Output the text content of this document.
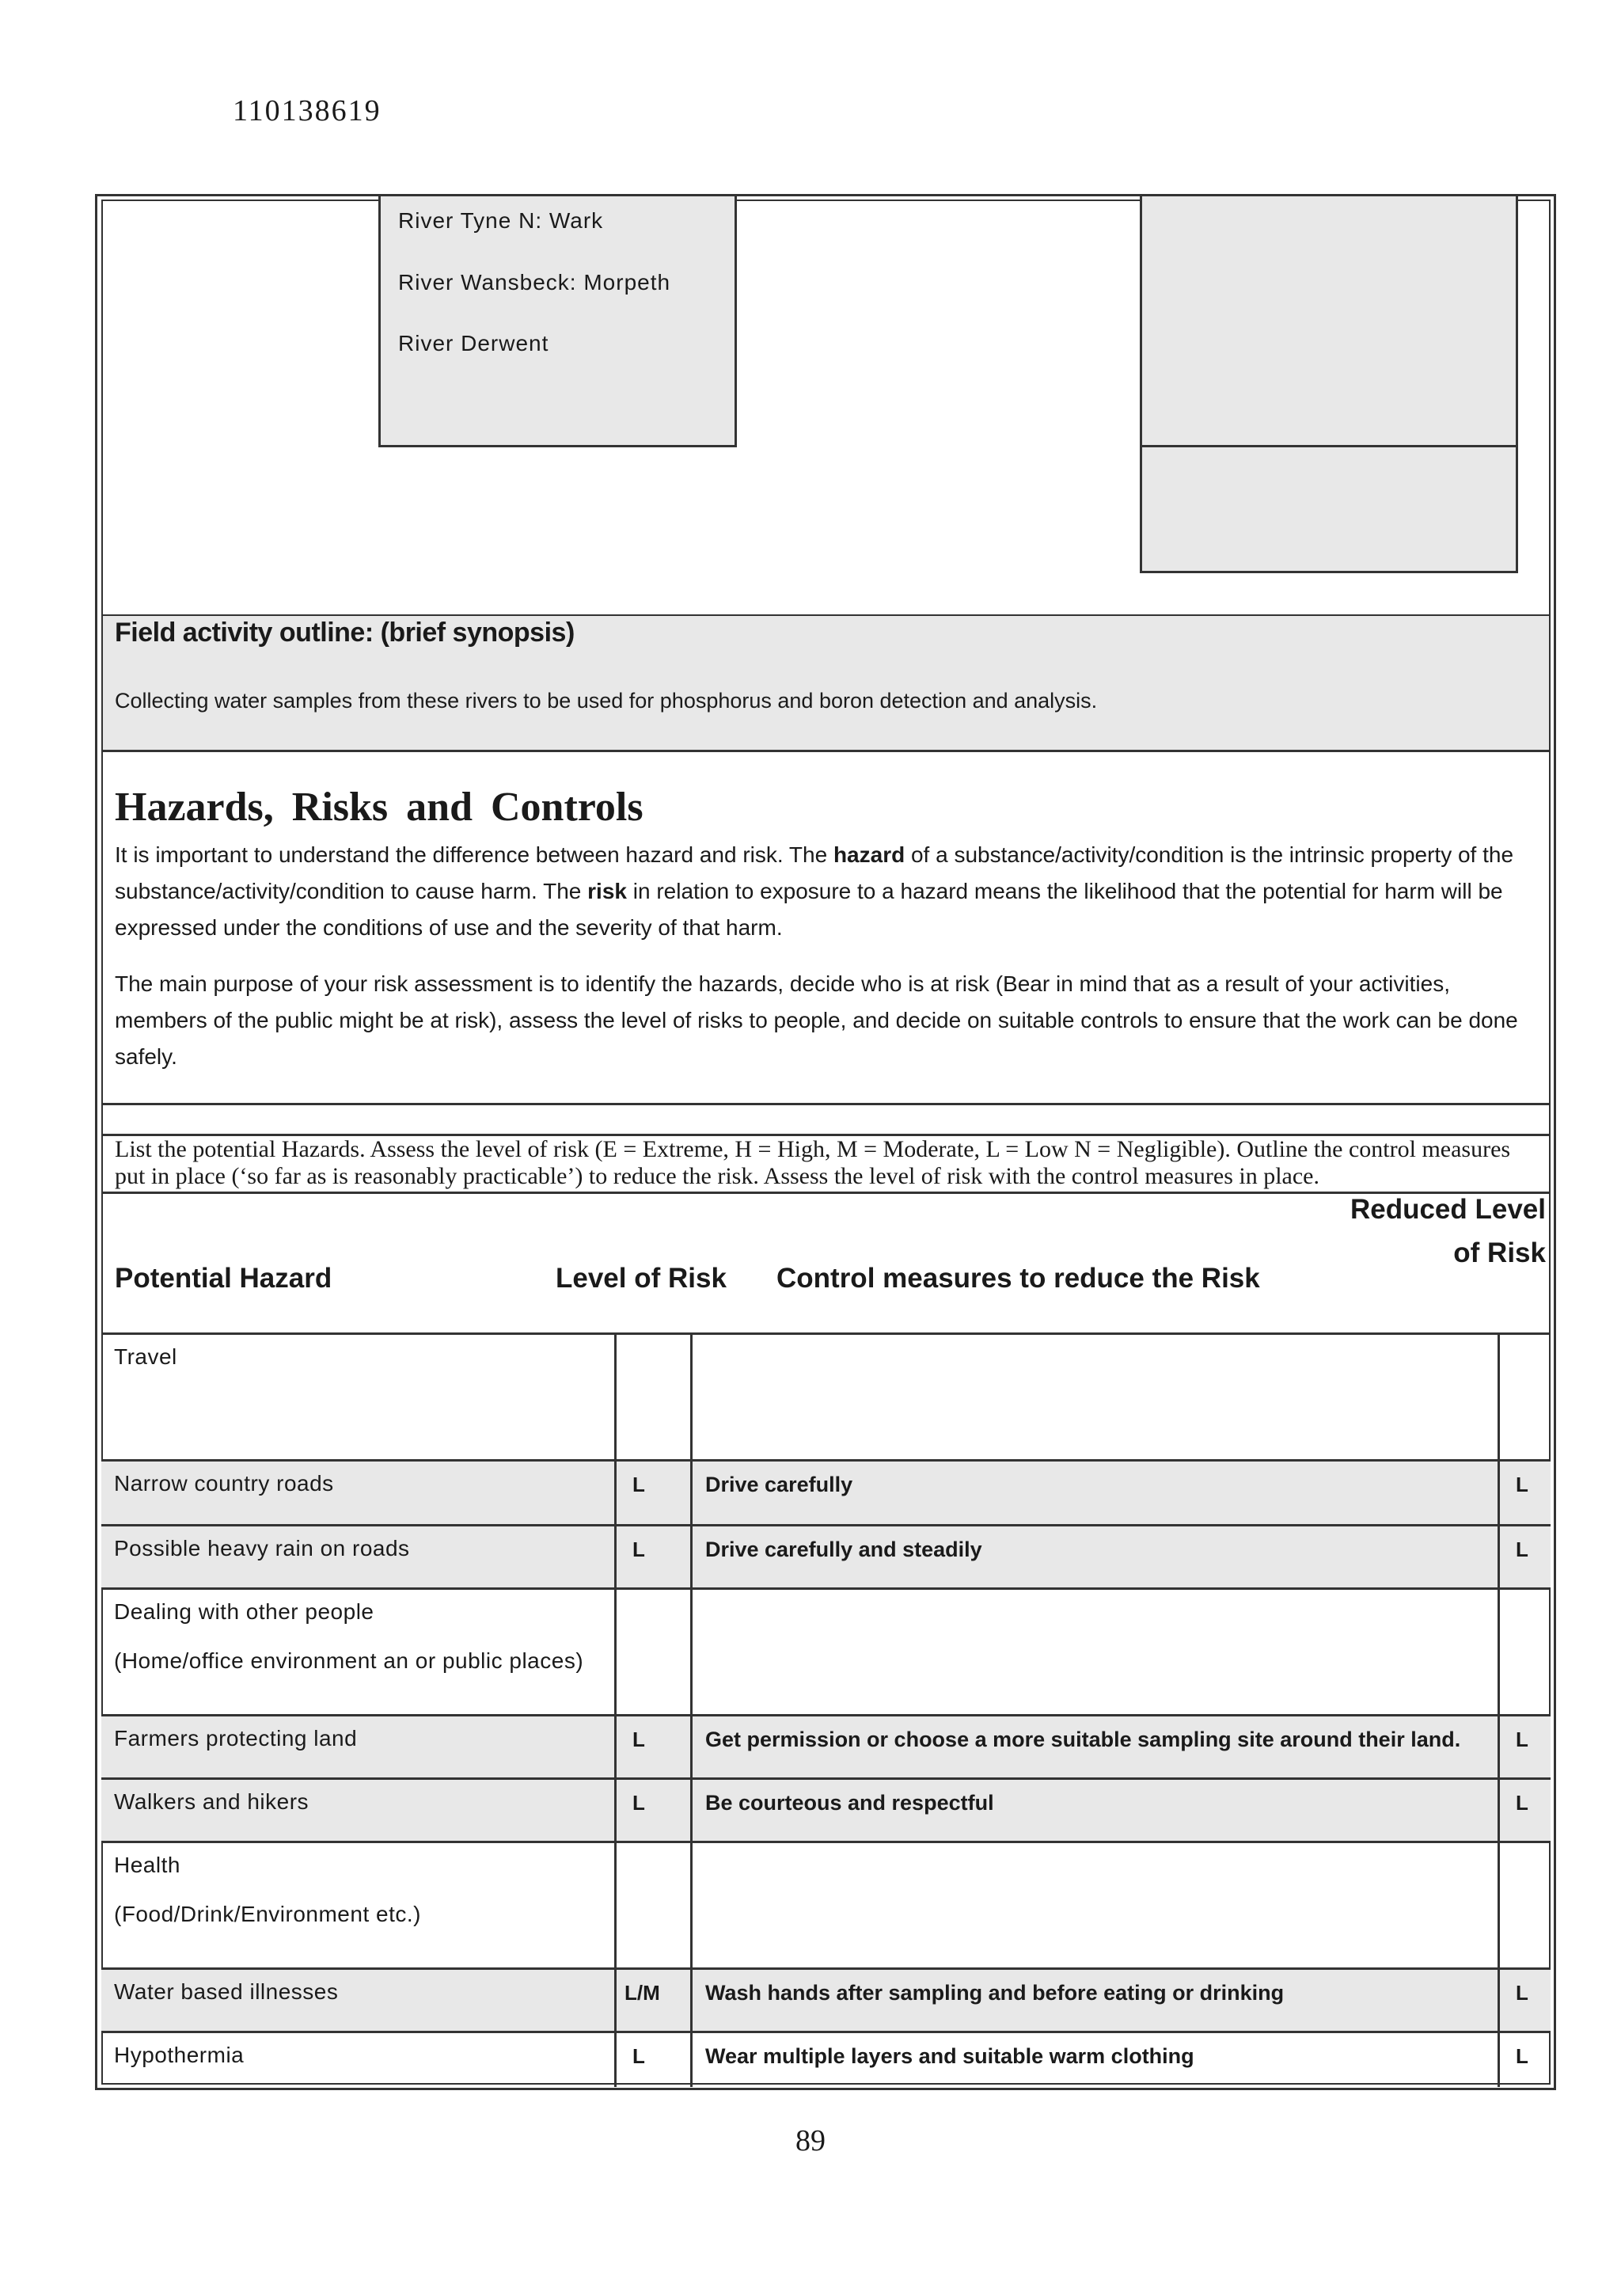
110138619
River Tyne N: Wark
River Wansbeck: Morpeth
River Derwent
Field activity outline: (brief synopsis)
Collecting water samples from these rivers to be used for phosphorus and boron detection and analysis.
Hazards, Risks and Controls
It is important to understand the difference between hazard and risk. The hazard of a substance/activity/condition is the intrinsic property of the substance/activity/condition to cause harm. The risk in relation to exposure to a hazard means the likelihood that the potential for harm will be expressed under the conditions of use and the severity of that harm.
The main purpose of your risk assessment is to identify the hazards, decide who is at risk (Bear in mind that as a result of your activities, members of the public might be at risk), assess the level of risks to people, and decide on suitable controls to ensure that the work can be done safely.
List the potential Hazards. Assess the level of risk (E = Extreme, H = High, M = Moderate, L = Low N = Negligible). Outline the control measures put in place (‘so far as is reasonably practicable’) to reduce the risk. Assess the level of risk with the control measures in place.
Potential Hazard	Level of Risk Control measures to reduce the Risk
Reduced Level
of Risk
Travel
Narrow country roads	L	Drive carefully	L
Possible heavy rain on roads	L	Drive carefully and steadily	L
Dealing with other people
(Home/office environment an or public places)
Farmers protecting land	L	Get permission or choose a more suitable sampling site around their land.	L
Walkers and hikers	L	Be courteous and respectful	L
Health
(Food/Drink/Environment etc.)
Water based illnesses	L/M	Wash hands after sampling and before eating or drinking	L
Hypothermia	L	Wear multiple layers and suitable warm clothing	L
89
